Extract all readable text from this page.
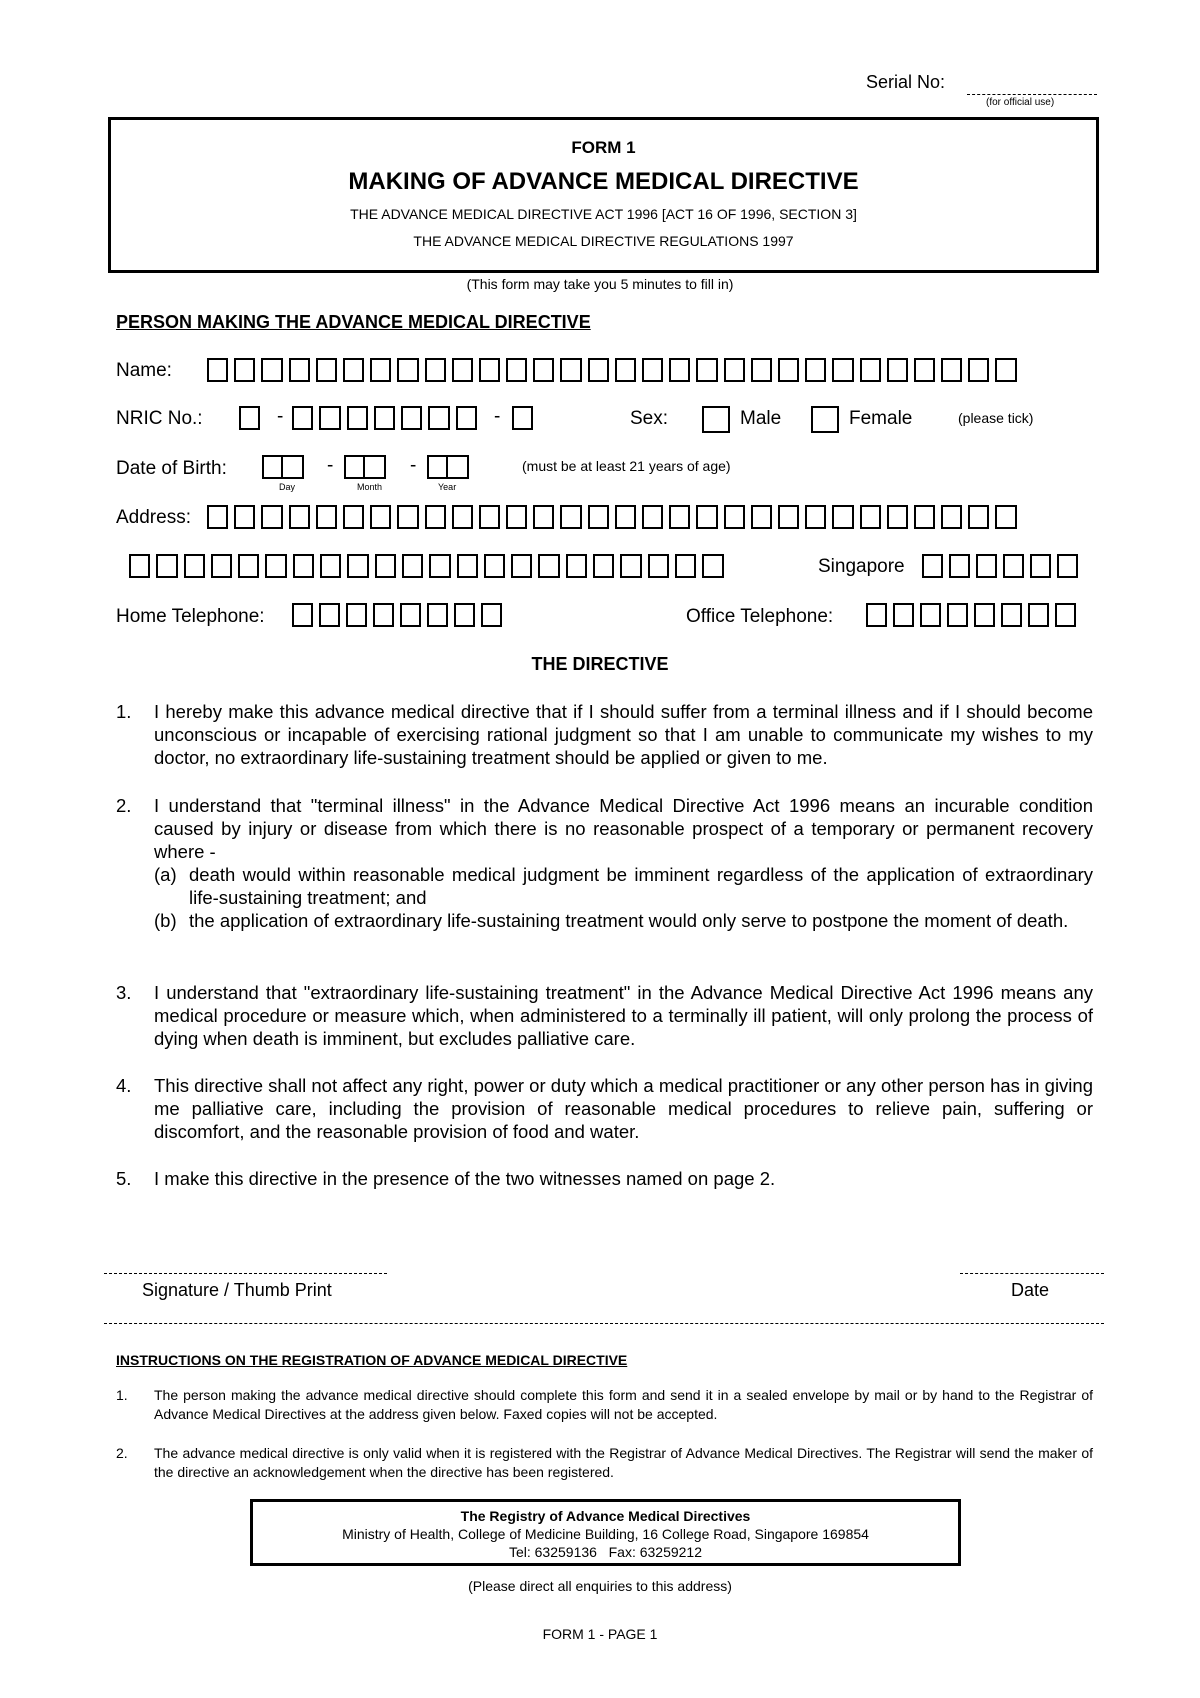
Serial No:
(for official use)
FORM 1
MAKING OF ADVANCE MEDICAL DIRECTIVE
THE ADVANCE MEDICAL DIRECTIVE ACT 1996 [ACT 16 OF 1996, SECTION 3]
THE ADVANCE MEDICAL DIRECTIVE REGULATIONS 1997
(This form may take you 5 minutes to fill in)
PERSON MAKING THE ADVANCE MEDICAL DIRECTIVE
Name:
NRIC No.:	-	-	Sex:	Male	Female	(please tick)
Date of Birth:	-	-
Day	Month	Year
(must be at least 21 years of age)
Address:
Singapore
Home Telephone:	Office Telephone:
THE DIRECTIVE
1. I hereby make this advance medical directive that if I should suffer from a terminal illness and if I should become unconscious or incapable of exercising rational judgment so that I am unable to communicate my wishes to my doctor, no extraordinary life-sustaining treatment should be applied or given to me.
2. I understand that "terminal illness" in the Advance Medical Directive Act 1996 means an incurable condition caused by injury or disease from which there is no reasonable prospect of a temporary or permanent recovery where -
(a) death would within reasonable medical judgment be imminent regardless of the application of extraordinary life-sustaining treatment; and
(b) the application of extraordinary life-sustaining treatment would only serve to postpone the moment of death.
3. I understand that "extraordinary life-sustaining treatment" in the Advance Medical Directive Act 1996 means any medical procedure or measure which, when administered to a terminally ill patient, will only prolong the process of dying when death is imminent, but excludes palliative care.
4. This directive shall not affect any right, power or duty which a medical practitioner or any other person has in giving me palliative care, including the provision of reasonable medical procedures to relieve pain, suffering or discomfort, and the reasonable provision of food and water.
5. I make this directive in the presence of the two witnesses named on page 2.
Signature / Thumb Print	Date
INSTRUCTIONS ON THE REGISTRATION OF ADVANCE MEDICAL DIRECTIVE
1. The person making the advance medical directive should complete this form and send it in a sealed envelope by mail or by hand to the Registrar of Advance Medical Directives at the address given below. Faxed copies will not be accepted.
2. The advance medical directive is only valid when it is registered with the Registrar of Advance Medical Directives. The Registrar will send the maker of the directive an acknowledgement when the directive has been registered.
The Registry of Advance Medical Directives
Ministry of Health, College of Medicine Building, 16 College Road, Singapore 169854
Tel: 63259136   Fax: 63259212
(Please direct all enquiries to this address)
FORM 1 - PAGE 1
